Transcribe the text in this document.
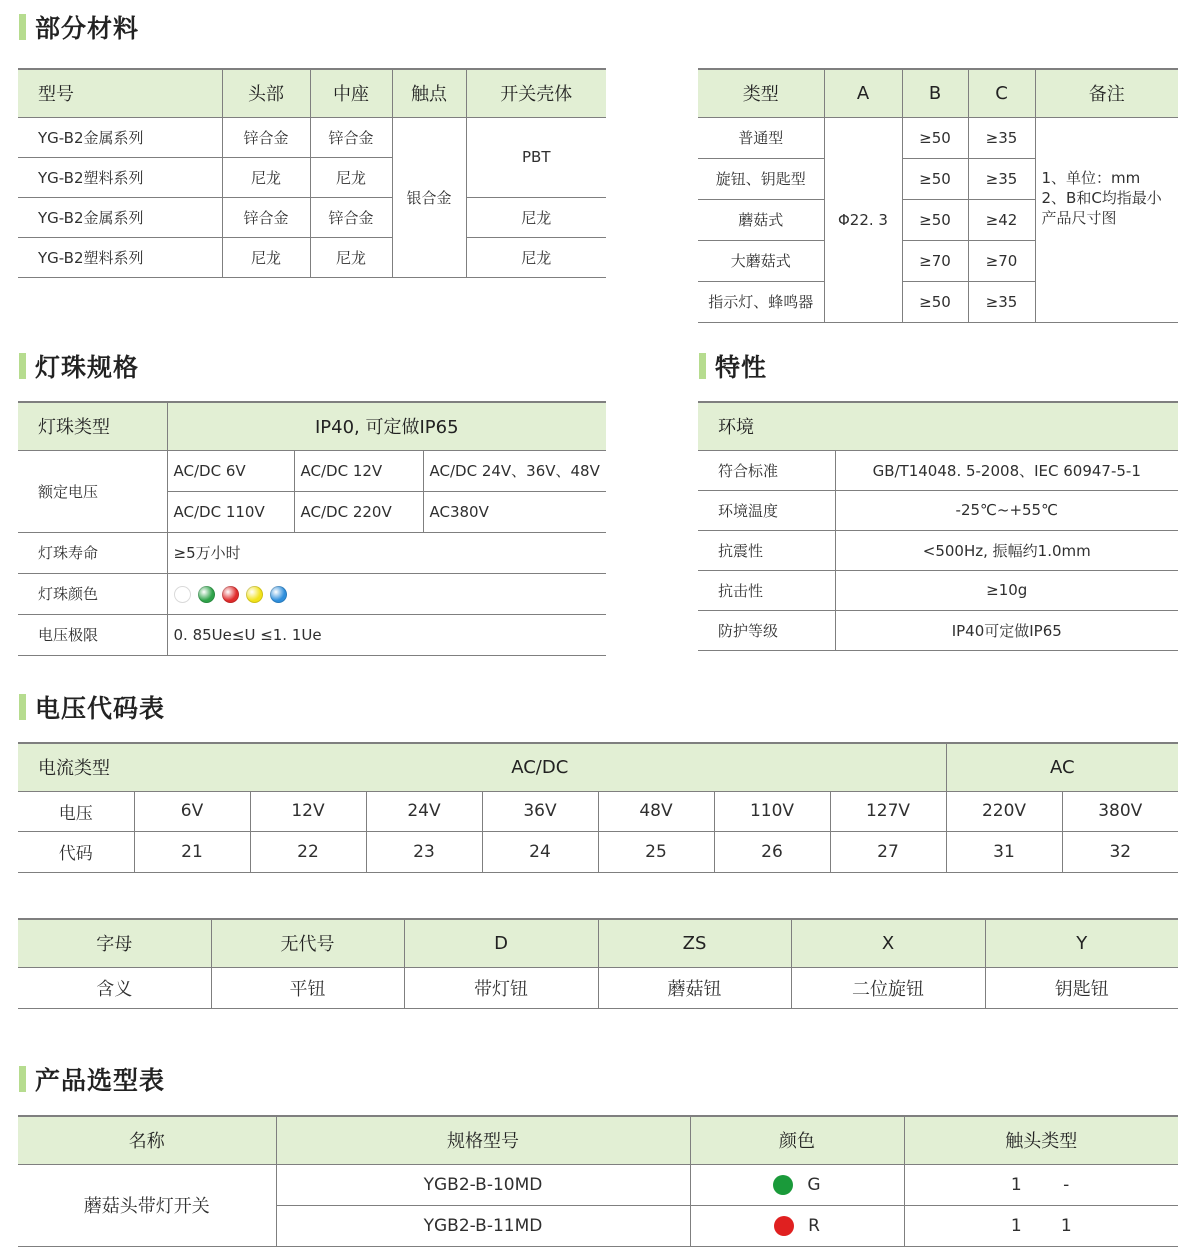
部分材料
灯珠规格	特性
电压代码表
产品选型表
型号	头部	中座	触点	开关壳体
YG-B2金属系列	锌合金	锌合金	银合金	PBT
YG-B2塑料系列	尼龙	尼龙		
YG-B2金属系列	锌合金	锌合金		尼龙
YG-B2塑料系列	尼龙	尼龙		尼龙
类型	A	B	C	备注
普通型	Φ22. 3	≥50	≥35	1、单位：mm
2、B和C均指最小
产品尺寸图

旋钮、钥匙型		≥50	≥35	
蘑菇式		≥50	≥42	
大蘑菇式		≥70	≥70	
指示灯、蜂鸣器		≥50	≥35	
灯珠类型	IP40, 可定做IP65		
额定电压	AC/DC 6V	AC/DC 12V	AC/DC 24V、36V、48V
	AC/DC 110V	AC/DC 220V	AC380V
灯珠寿命	≥5万小时		
灯珠颜色			
电压极限	0. 85Ue≤U ≤1. 1Ue		
环境	
符合标准	GB/T14048. 5-2008、IEC 60947-5-1
环境温度	-25℃~+55℃
抗震性	<500Hz, 振幅约1.0mm
抗击性	≥10g
防护等级	IP40可定做IP65
电流类型	AC/DC							AC	
电压	6V	12V	24V	36V	48V	110V	127V	220V	380V
代码	21	22	23	24	25	26	27	31	32
字母	无代号	D	ZS	X	Y
含义	平钮	带灯钮	蘑菇钮	二位旋钮	钥匙钮
名称	规格型号	颜色	触头类型
蘑菇头带灯开关	YGB2-B-10MD	G	1 -
	YGB2-B-11MD	R	1 1
